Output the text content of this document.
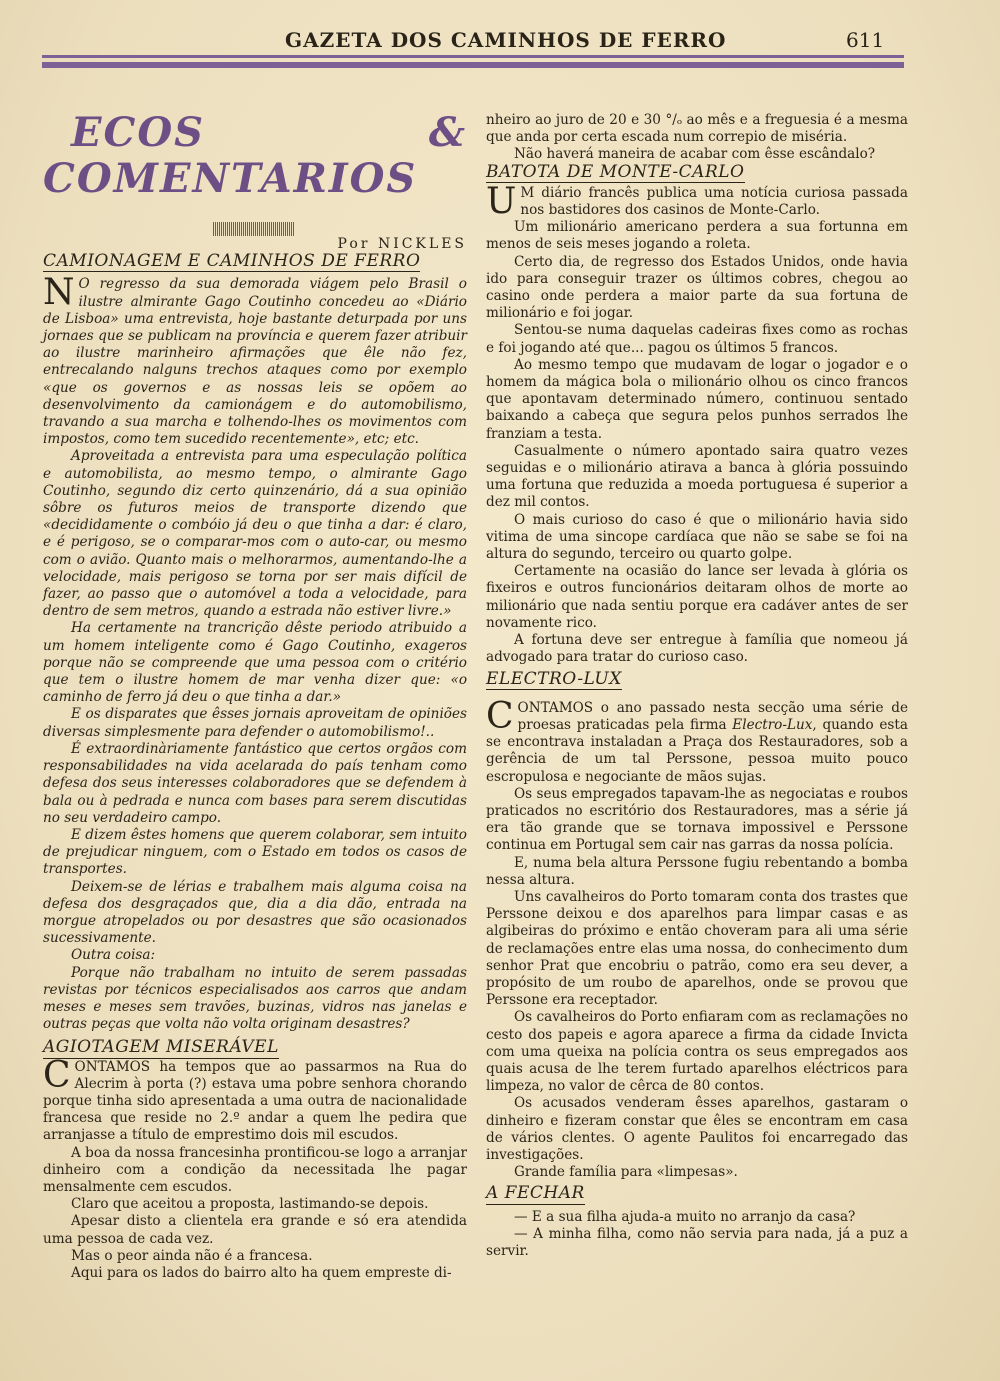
GAZETA DOS CAMINHOS DE FERRO	611

ECOS & COMENTARIOS

Por NICKLES

CAMIONAGEM E CAMINHOS DE FERRO

N O regresso da sua demorada viágem pelo Brasil o ilustre almirante Gago Coutinho concedeu ao «Diário de Lisboa» uma entrevista, hoje bastante deturpada por uns jornaes que se publicam na província e querem fazer atribuir ao ilustre marinheiro afirmações que êle não fez, entrecalando nalguns trechos ataques como por exemplo «que os governos e as nossas leis se opõem ao desenvolvimento da camionágem e do automobilismo, travando a sua marcha e tolhendo-lhes os movimentos com impostos, como tem sucedido recentemente», etc; etc.

Aproveitada a entrevista para uma especulação política e automobilista, ao mesmo tempo, o almirante Gago Coutinho, segundo diz certo quinzenário, dá a sua opinião sôbre os futuros meios de transporte dizendo que «decididamente o combóio já deu o que tinha a dar: é claro, e é perigoso, se o comparar-mos com o auto-car, ou mesmo com o avião. Quanto mais o melhorarmos, aumentando-lhe a velocidade, mais perigoso se torna por ser mais difícil de fazer, ao passo que o automóvel a toda a velocidade, para dentro de sem metros, quando a estrada não estiver livre.»

Ha certamente na trancrição dêste periodo atribuido a um homem inteligente como é Gago Coutinho, exageros porque não se compreende que uma pessoa com o critério que tem o ilustre homem de mar venha dizer que: «o caminho de ferro já deu o que tinha a dar.»

E os disparates que êsses jornais aproveitam de opiniões diversas simplesmente para defender o automobilismo!..

É extraordinàriamente fantástico que certos orgãos com responsabilidades na vida acelarada do país tenham como defesa dos seus interesses colaboradores que se defendem à bala ou à pedrada e nunca com bases para serem discutidas no seu verdadeiro campo.

E dizem êstes homens que querem colaborar, sem intuito de prejudicar ninguem, com o Estado em todos os casos de transportes.

Deixem-se de lérias e trabalhem mais alguma coisa na defesa dos desgraçados que, dia a dia dão, entrada na morgue atropelados ou por desastres que são ocasionados sucessivamente.

Outra coisa:

Porque não trabalham no intuito de serem passadas revistas por técnicos especialisados aos carros que andam meses e meses sem travões, buzinas, vidros nas janelas e outras peças que volta não volta originam desastres?

AGIOTAGEM MISERÁVEL

CONTAMOS ha tempos que ao passarmos na Rua do Alecrim à porta (?) estava uma pobre senhora chorando porque tinha sido apresentada a uma outra de nacionalidade francesa que reside no 2.º andar a quem lhe pedira que arranjasse a título de emprestimo dois mil escudos.

A boa da nossa francesinha prontificou-se logo a arranjar dinheiro com a condição da necessitada lhe pagar mensalmente cem escudos.

Claro que aceitou a proposta, lastimando-se depois.

Apesar disto a clientela era grande e só era atendida uma pessoa de cada vez.

Mas o peor ainda não é a francesa.

Aqui para os lados do bairro alto ha quem empreste di-

nheiro ao juro de 20 e 30 °/ₒ ao mês e a freguesia é a mesma que anda por certa escada num correpio de miséria.

Não haverá maneira de acabar com êsse escândalo?

BATOTA DE MONTE-CARLO

U M diário francês publica uma notícia curiosa passada nos bastidores dos casinos de Monte-Carlo.

Um milionário americano perdera a sua fortunna em menos de seis meses jogando a roleta.

Certo dia, de regresso dos Estados Unidos, onde havia ido para conseguir trazer os últimos cobres, chegou ao casino onde perdera a maior parte da sua fortuna de milionário e foi jogar.

Sentou-se numa daquelas cadeiras fixes como as rochas e foi jogando até que... pagou os últimos 5 francos.

Ao mesmo tempo que mudavam de logar o jogador e o homem da mágica bola o milionário olhou os cinco francos que apontavam determinado número, continuou sentado baixando a cabeça que segura pelos punhos serrados lhe franziam a testa.

Casualmente o número apontado saira quatro vezes seguidas e o milionário atirava a banca à glória possuindo uma fortuna que reduzida a moeda portuguesa é superior a dez mil contos.

O mais curioso do caso é que o milionário havia sido vitima de uma sincope cardíaca que não se sabe se foi na altura do segundo, terceiro ou quarto golpe.

Certamente na ocasião do lance ser levada à glória os fixeiros e outros funcionários deitaram olhos de morte ao milionário que nada sentiu porque era cadáver antes de ser novamente rico.

A fortuna deve ser entregue à família que nomeou já advogado para tratar do curioso caso.

ELECTRO-LUX

CONTAMOS o ano passado nesta secção uma série de proesas praticadas pela firma Electro-Lux, quando esta se encontrava instaladan a Praça dos Restauradores, sob a gerência de um tal Perssone, pessoa muito pouco escropulosa e negociante de mãos sujas.

Os seus empregados tapavam-lhe as negociatas e roubos praticados no escritório dos Restauradores, mas a série já era tão grande que se tornava impossivel e Perssone continua em Portugal sem cair nas garras da nossa polícia.

E, numa bela altura Perssone fugiu rebentando a bomba nessa altura.

Uns cavalheiros do Porto tomaram conta dos trastes que Perssone deixou e dos aparelhos para limpar casas e as algibeiras do próximo e então choveram para ali uma série de reclamações entre elas uma nossa, do conhecimento dum senhor Prat que encobriu o patrão, como era seu dever, a propósito de um roubo de aparelhos, onde se provou que Perssone era receptador.

Os cavalheiros do Porto enfiaram com as reclamações no cesto dos papeis e agora aparece a firma da cidade Invicta com uma queixa na polícia contra os seus empregados aos quais acusa de lhe terem furtado aparelhos eléctricos para limpeza, no valor de cêrca de 80 contos.

Os acusados venderam êsses aparelhos, gastaram o dinheiro e fizeram constar que êles se encontram em casa de vários clentes. O agente Paulitos foi encarregado das investigações.

Grande família para «limpesas».

A FECHAR

— E a sua filha ajuda-a muito no arranjo da casa?

— A minha filha, como não servia para nada, já a puz a servir.
